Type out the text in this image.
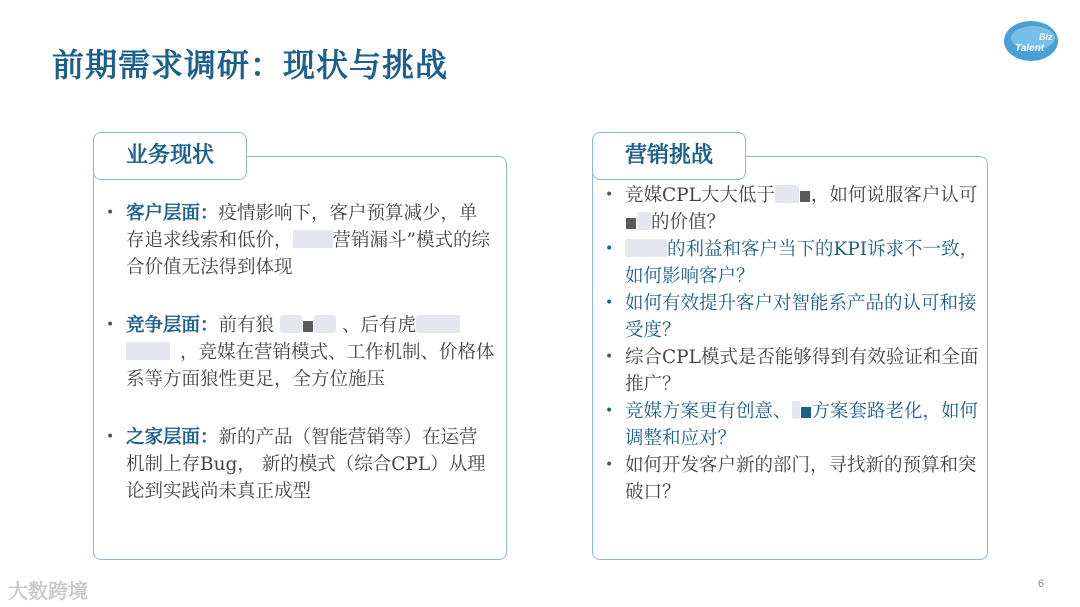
前期需求调研：现状与挑战
Biz
Talent
业务现状
• 客户层面：疫情影响下，客户预算减少，单存追求线索和低价， 营销漏斗”模式的综合价值无法得到体现
• 竞争层面：前有狼	、后有虎，竞媒在营销模式、工作机制、价格体系等方面狼性更足，全方位施压
• 之家层面：新的产品（智能营销等）在运营机制上存Bug， 新的模式（综合CPL）从理论到实践尚未真正成型
营销挑战
• 竞媒CPL大大低于 ，如何说服客户认可的价值？
• 的利益和客户当下的KPI诉求不一致，如何影响客户？
• 如何有效提升客户对智能系产品的认可和接受度？
• 综合CPL模式是否能够得到有效验证和全面推广？
• 竞媒方案更有创意、 方案套路老化，如何调整和应对？
• 如何开发客户新的部门，寻找新的预算和突破口？
大数跨境	6
